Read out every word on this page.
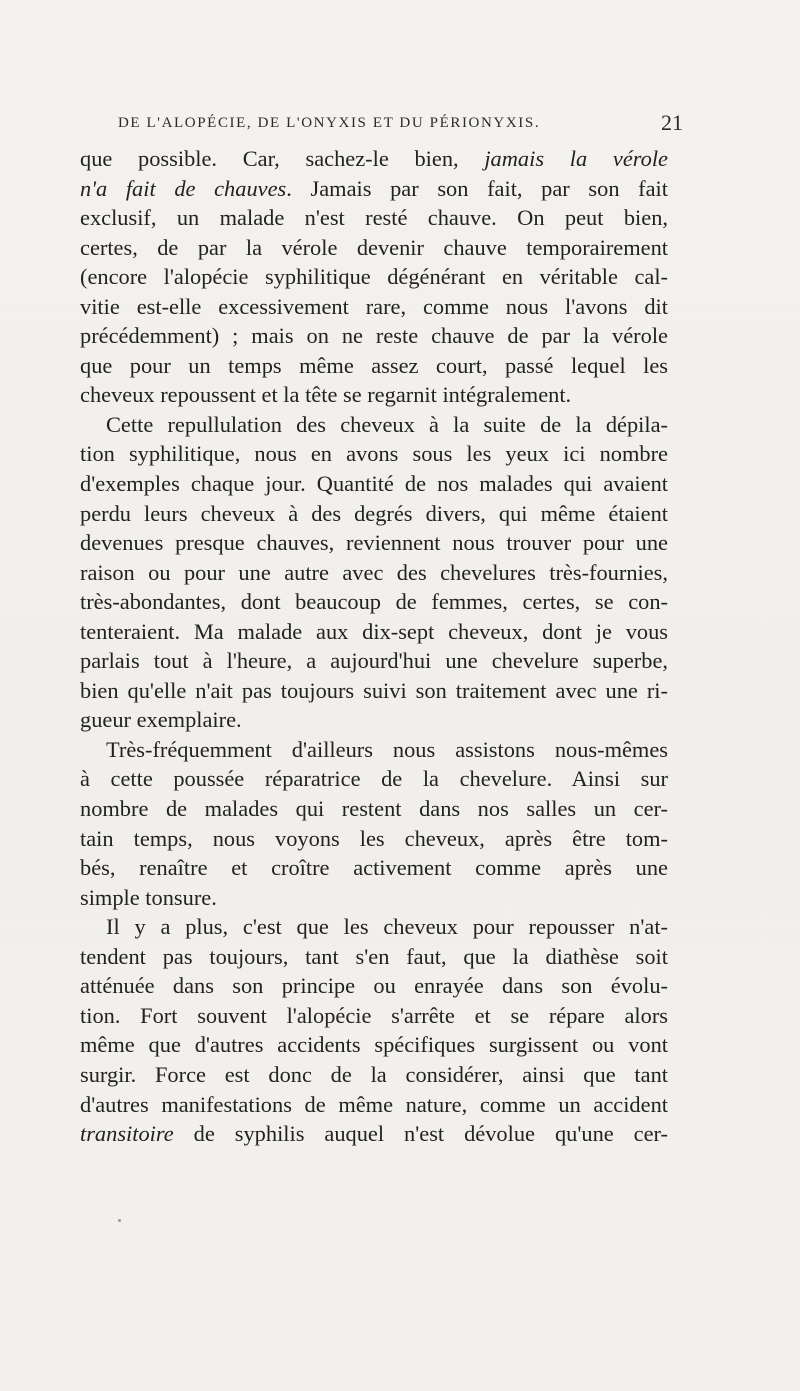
DE L'ALOPÉCIE, DE L'ONYXIS ET DU PÉRIONYXIS.	21
que possible. Car, sachez-le bien, jamais la vérole
n'a fait de chauves. Jamais par son fait, par son fait
exclusif, un malade n'est resté chauve. On peut bien,
certes, de par la vérole devenir chauve temporairement
(encore l'alopécie syphilitique dégénérant en véritable cal-
vitie est-elle excessivement rare, comme nous l'avons dit
précédemment) ; mais on ne reste chauve de par la vérole
que pour un temps même assez court, passé lequel les
cheveux repoussent et la tête se regarnit intégralement.
Cette repullulation des cheveux à la suite de la dépila-
tion syphilitique, nous en avons sous les yeux ici nombre
d'exemples chaque jour. Quantité de nos malades qui avaient
perdu leurs cheveux à des degrés divers, qui même étaient
devenues presque chauves, reviennent nous trouver pour une
raison ou pour une autre avec des chevelures très-fournies,
très-abondantes, dont beaucoup de femmes, certes, se con-
tenteraient. Ma malade aux dix-sept cheveux, dont je vous
parlais tout à l'heure, a aujourd'hui une chevelure superbe,
bien qu'elle n'ait pas toujours suivi son traitement avec une ri-
gueur exemplaire.
Très-fréquemment d'ailleurs nous assistons nous-mêmes
à cette poussée réparatrice de la chevelure. Ainsi sur
nombre de malades qui restent dans nos salles un cer-
tain temps, nous voyons les cheveux, après être tom-
bés, renaître et croître activement comme après une
simple tonsure.
Il y a plus, c'est que les cheveux pour repousser n'at-
tendent pas toujours, tant s'en faut, que la diathèse soit
atténuée dans son principe ou enrayée dans son évolu-
tion. Fort souvent l'alopécie s'arrête et se répare alors
même que d'autres accidents spécifiques surgissent ou vont
surgir. Force est donc de la considérer, ainsi que tant
d'autres manifestations de même nature, comme un accident
transitoire de syphilis auquel n'est dévolue qu'une cer-
